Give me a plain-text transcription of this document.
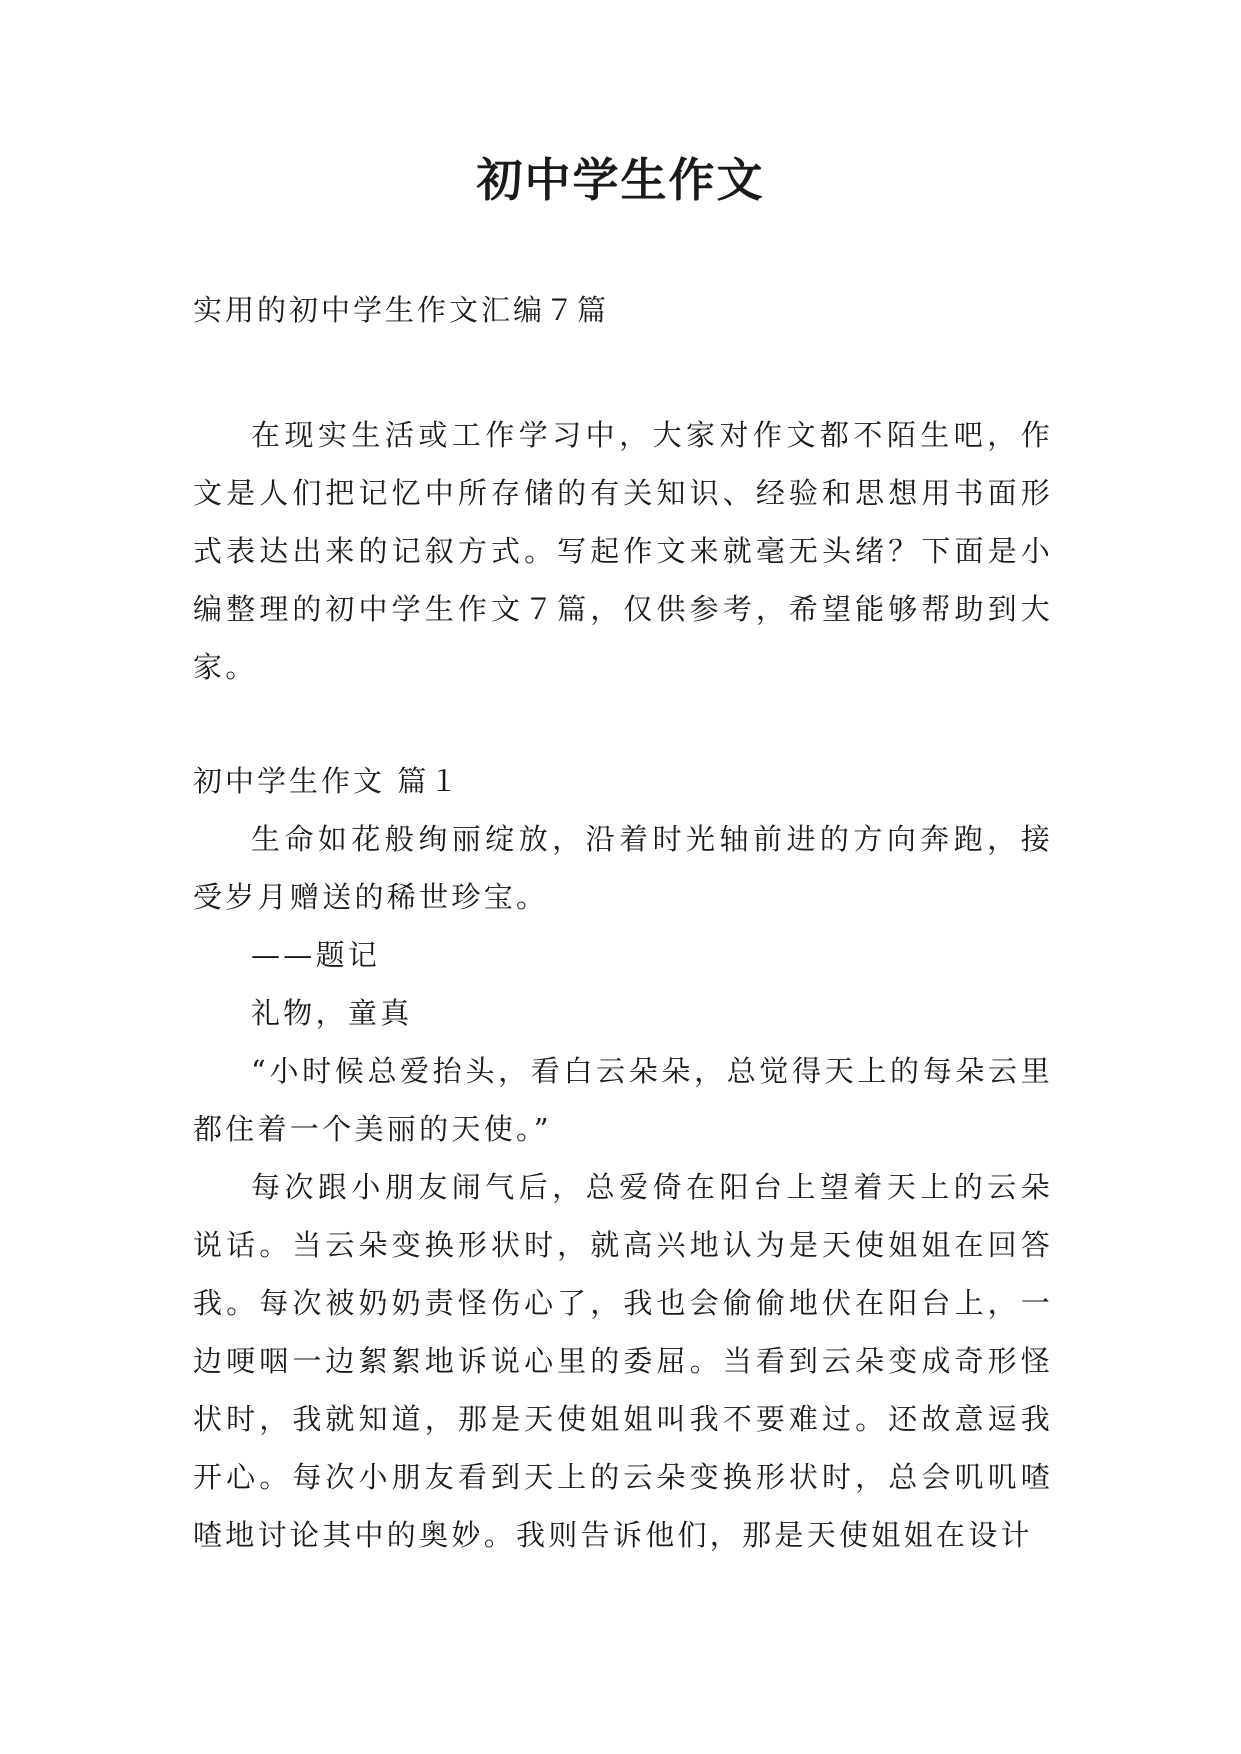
初中学生作文

实用的初中学生作文汇编７篇

在现实生活或工作学习中，大家对作文都不陌生吧，作文是人们把记忆中所存储的有关知识、经验和思想用书面形式表达出来的记叙方式。写起作文来就毫无头绪？下面是小编整理的初中学生作文７篇，仅供参考，希望能够帮助到大家。

初中学生作文 篇１

生命如花般绚丽绽放，沿着时光轴前进的方向奔跑，接受岁月赠送的稀世珍宝。

——题记

礼物，童真

“小时候总爱抬头，看白云朵朵，总觉得天上的每朵云里都住着一个美丽的天使。”

每次跟小朋友闹气后，总爱倚在阳台上望着天上的云朵说话。当云朵变换形状时，就高兴地认为是天使姐姐在回答我。每次被奶奶责怪伤心了，我也会偷偷地伏在阳台上，一边哽咽一边絮絮地诉说心里的委屈。当看到云朵变成奇形怪状时，我就知道，那是天使姐姐叫我不要难过。还故意逗我开心。每次小朋友看到天上的云朵变换形状时，总会叽叽喳喳地讨论其中的奥妙。我则告诉他们，那是天使姐姐在设计
